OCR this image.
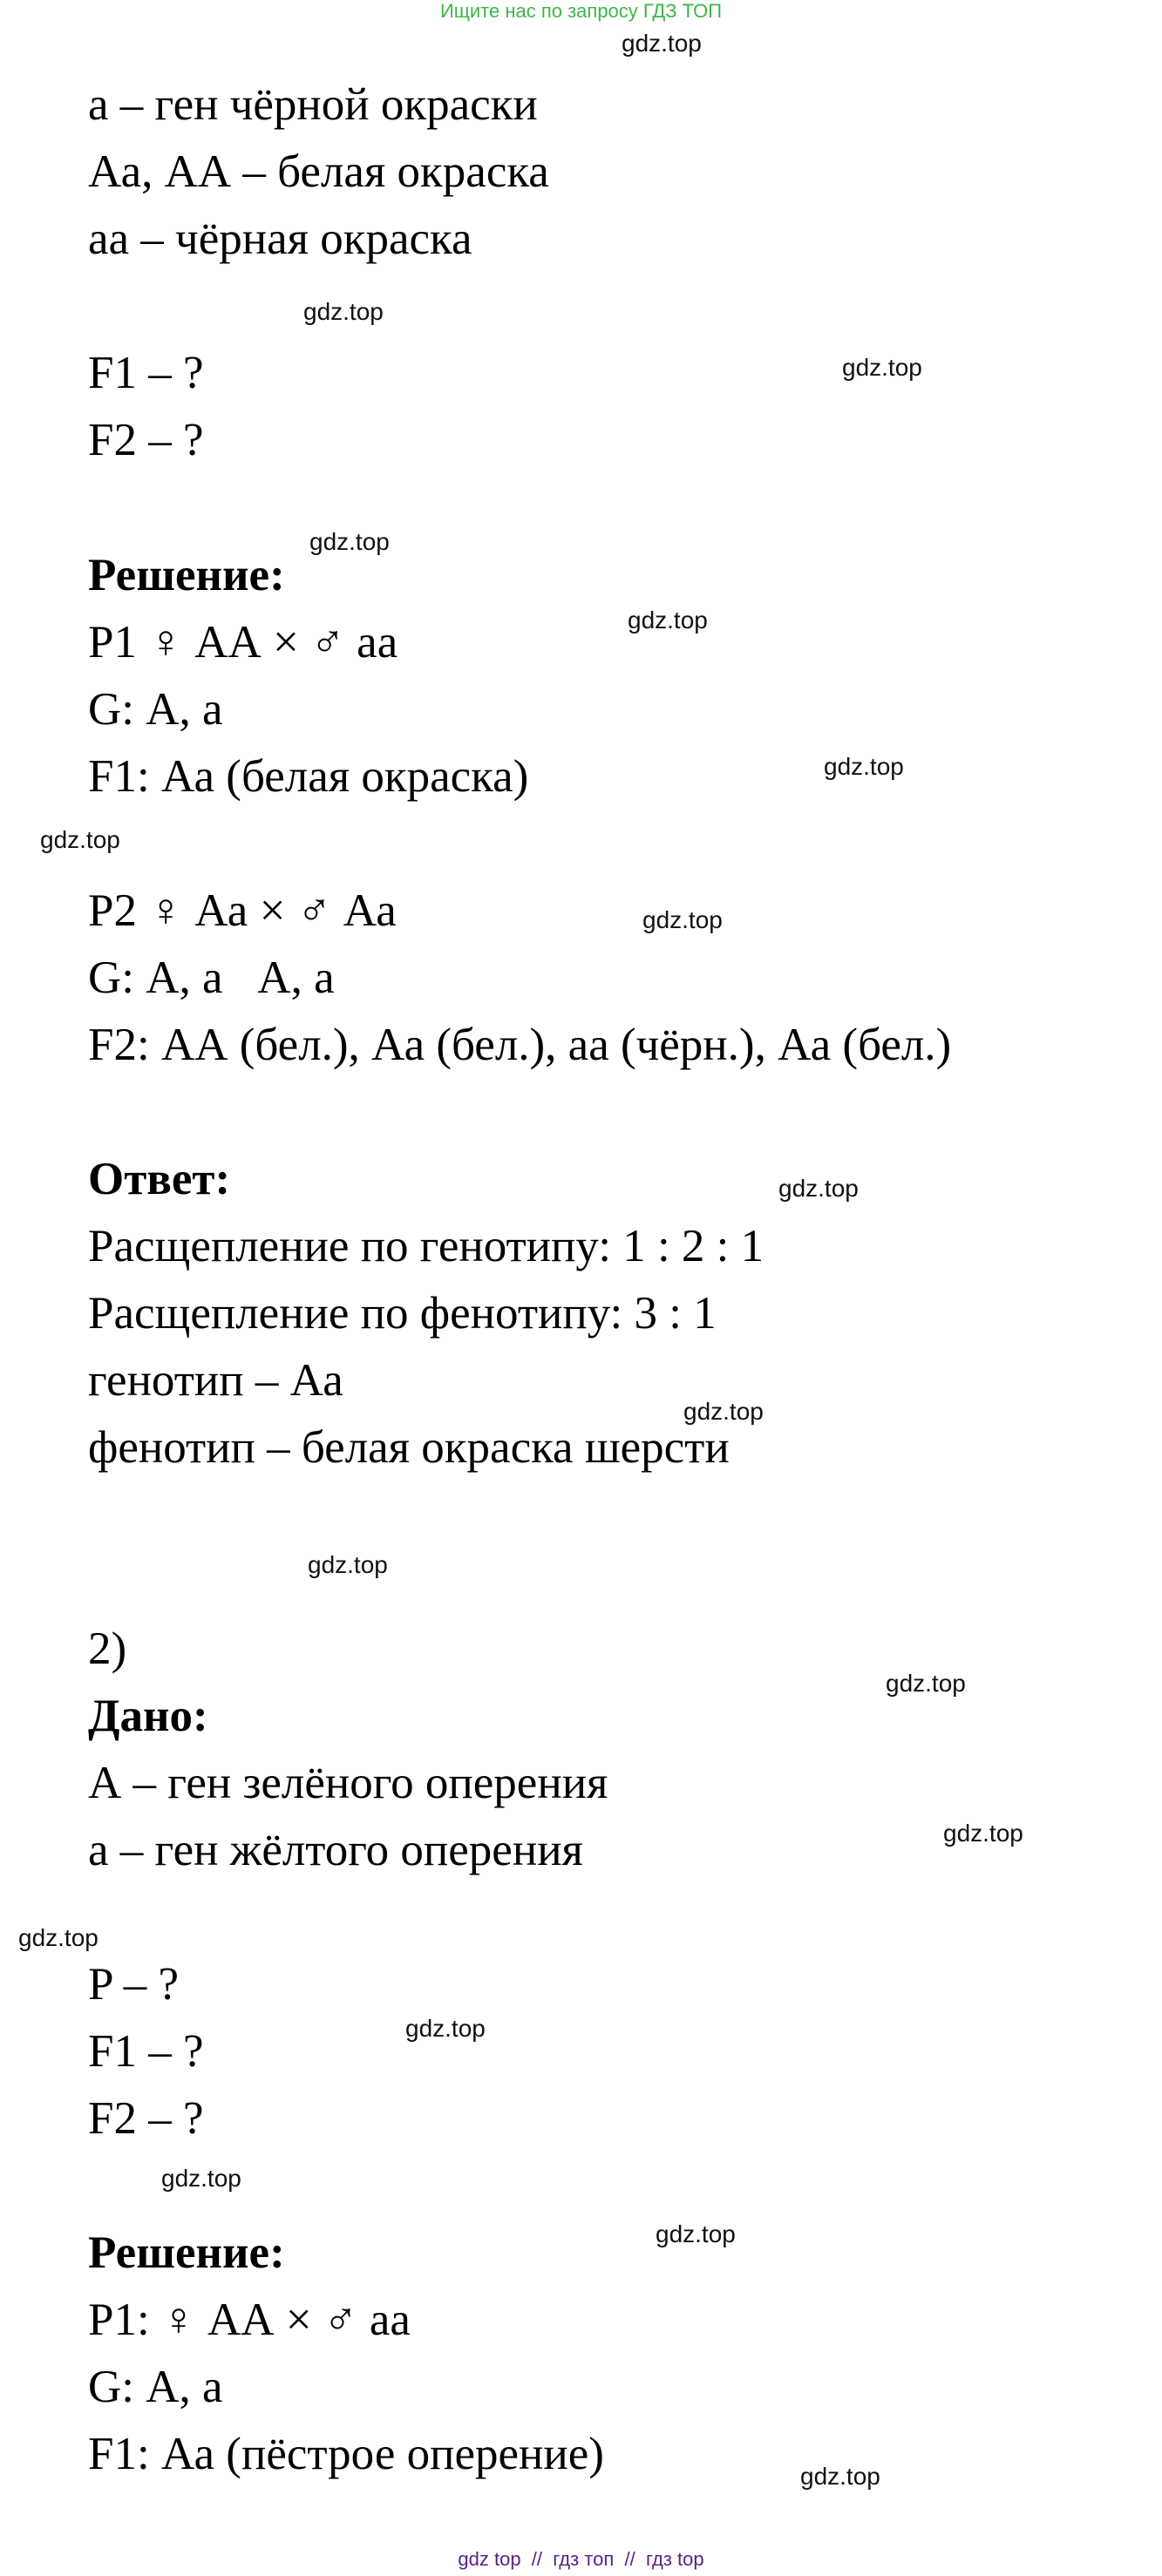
Ищите нас по запросу ГДЗ ТОП
gdz.top
gdz.top
gdz.top
gdz.top
gdz.top
gdz.top
gdz.top
gdz.top
gdz.top
gdz.top
gdz.top
gdz.top
gdz.top
gdz.top
gdz.top
gdz.top
gdz.top
gdz.top
а – ген чёрной окраски
Аа, АА – белая окраска
аа – чёрная окраска
F1 – ?
F2 – ?
Решение:
P1 ♀ АА × ♂ аа
G: А, а
F1: Аа (белая окраска)
P2 ♀ Аа × ♂ Аа
G: А, а   А, а
F2: АА (бел.), Аа (бел.), аа (чёрн.), Аа (бел.)
Ответ:
Расщепление по генотипу: 1 : 2 : 1
Расщепление по фенотипу: 3 : 1
генотип – Аа
фенотип – белая окраска шерсти
2)
Дано:
А – ген зелёного оперения
а – ген жёлтого оперения
P – ?
F1 – ?
F2 – ?
Решение:
P1: ♀ АА × ♂ аа
G: А, а
F1: Аа (пёстрое оперение)
gdz top  //  гдз топ  //  гдз top
